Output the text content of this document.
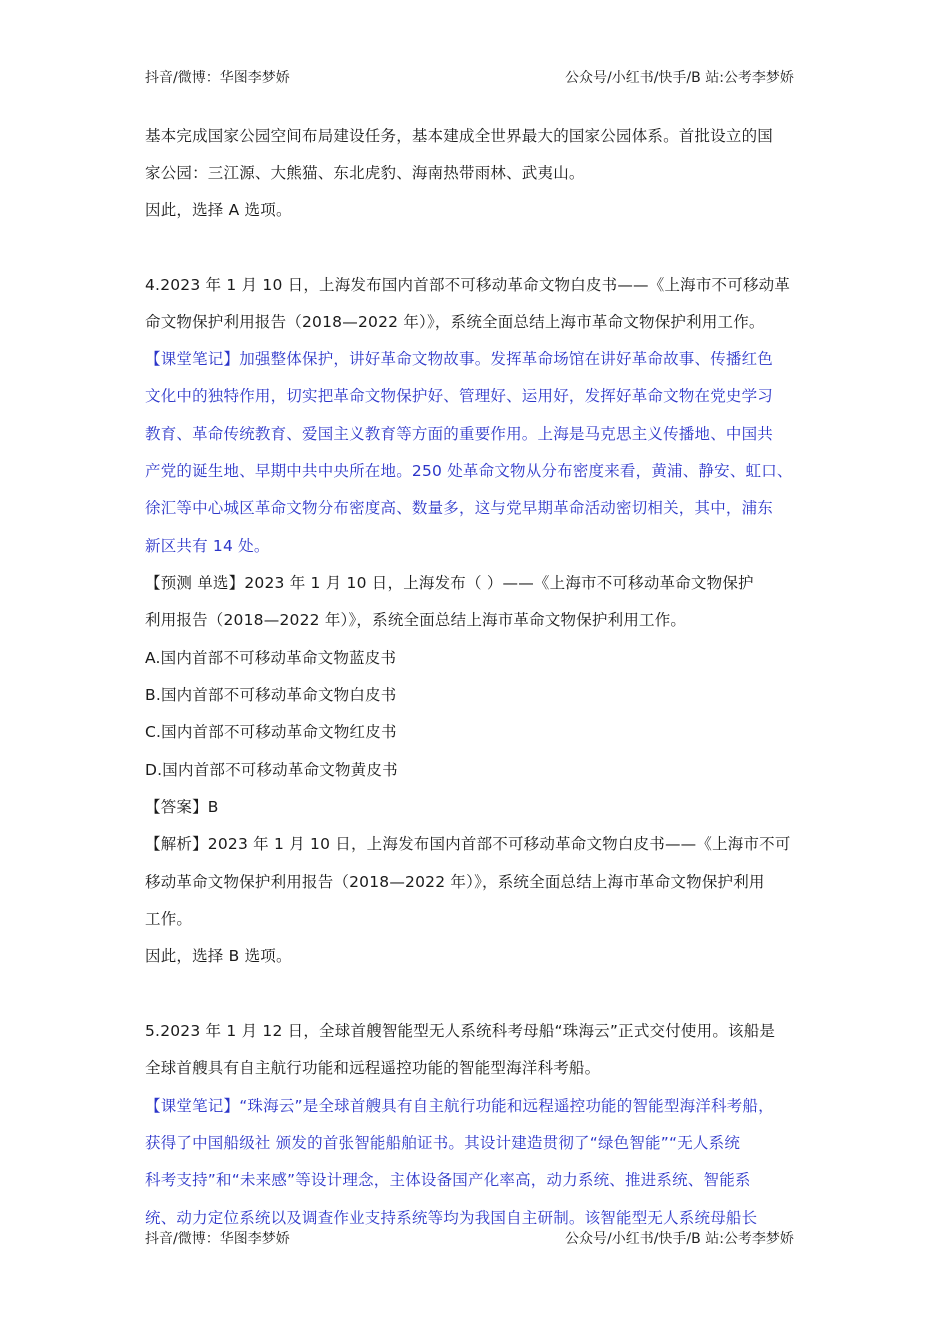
抖音/微博：华图李梦娇	公众号/小红书/快手/B 站:公考李梦娇
基本完成国家公园空间布局建设任务，基本建成全世界最大的国家公园体系。首批设立的国
家公园：三江源、大熊猫、东北虎豹、海南热带雨林、武夷山。
因此，选择 A 选项。
4.2023 年 1 月 10 日，上海发布国内首部不可移动革命文物白皮书——《上海市不可移动革
命文物保护利用报告（2018—2022 年）》，系统全面总结上海市革命文物保护利用工作。
【课堂笔记】加强整体保护，讲好革命文物故事。发挥革命场馆在讲好革命故事、传播红色
文化中的独特作用，切实把革命文物保护好、管理好、运用好，发挥好革命文物在党史学习
教育、革命传统教育、爱国主义教育等方面的重要作用。上海是马克思主义传播地、中国共
产党的诞生地、早期中共中央所在地。250 处革命文物从分布密度来看，黄浦、静安、虹口、
徐汇等中心城区革命文物分布密度高、数量多，这与党早期革命活动密切相关，其中，浦东
新区共有 14 处。
【预测 单选】2023 年 1 月 10 日，上海发布（ ）——《上海市不可移动革命文物保护
利用报告（2018—2022 年）》，系统全面总结上海市革命文物保护利用工作。
A.国内首部不可移动革命文物蓝皮书
B.国内首部不可移动革命文物白皮书
C.国内首部不可移动革命文物红皮书
D.国内首部不可移动革命文物黄皮书
【答案】B
【解析】2023 年 1 月 10 日，上海发布国内首部不可移动革命文物白皮书——《上海市不可
移动革命文物保护利用报告（2018—2022 年）》，系统全面总结上海市革命文物保护利用
工作。
因此，选择 B 选项。
5.2023 年 1 月 12 日，全球首艘智能型无人系统科考母船“珠海云”正式交付使用。该船是
全球首艘具有自主航行功能和远程遥控功能的智能型海洋科考船。
【课堂笔记】“珠海云”是全球首艘具有自主航行功能和远程遥控功能的智能型海洋科考船，
获得了中国船级社 颁发的首张智能船舶证书。其设计建造贯彻了“绿色智能”“无人系统
科考支持”和“未来感”等设计理念，主体设备国产化率高，动力系统、推进系统、智能系
统、动力定位系统以及调查作业支持系统等均为我国自主研制。该智能型无人系统母船长
抖音/微博：华图李梦娇	公众号/小红书/快手/B 站:公考李梦娇
